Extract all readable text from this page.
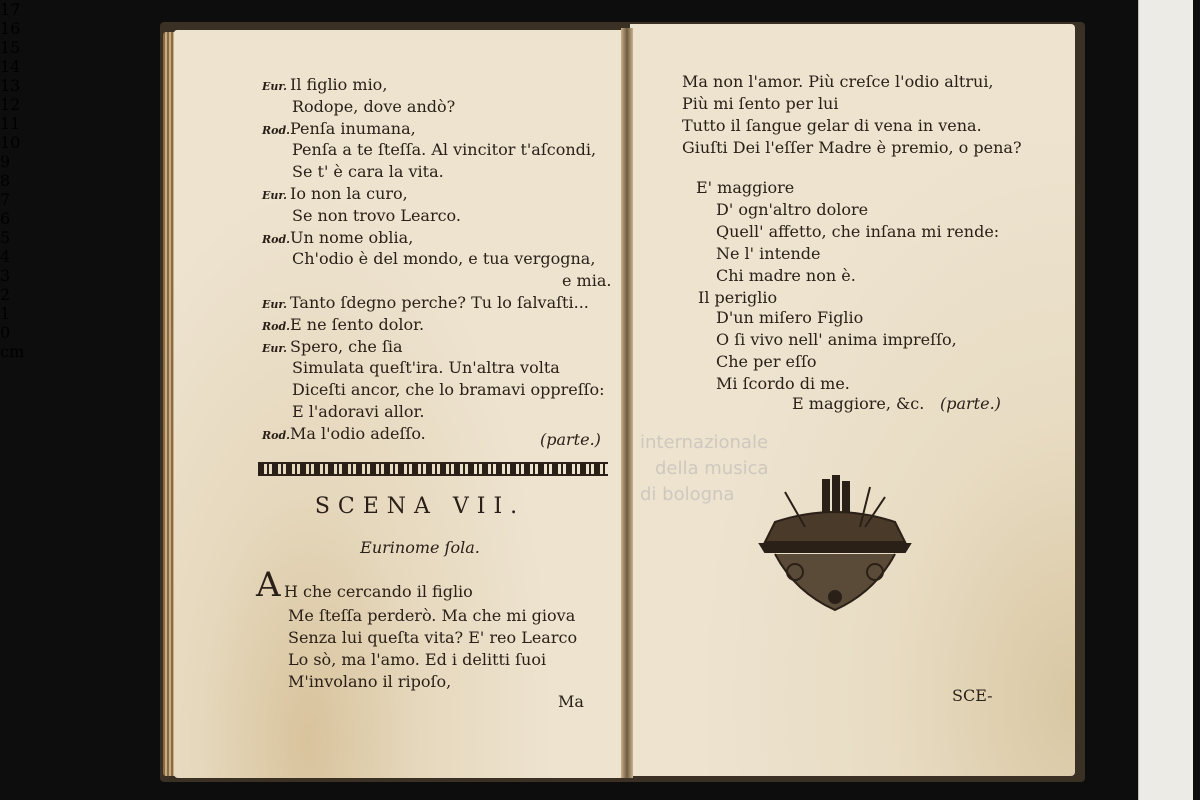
17
16
15
14
13
12
11
10
9
8
7
6
5
4
3
2
1
0 cm
internazionale
della musica
di bologna
Eur. Il figlio mio,
Rodope, dove andò?
Rod. Penſa inumana,
Penſa a te ſteſſa. Al vincitor t'aſcondi,
Se t' è cara la vita.
Eur. Io non la curo,
Se non trovo Learco.
Rod. Un nome oblia,
Ch'odio è del mondo, e tua vergogna,
e mia.
Eur. Tanto ſdegno perche? Tu lo ſalvaſti...
Rod. E ne ſento dolor.
Eur. Spero, che ſia
Simulata queſt'ira. Un'altra volta
Diceſti ancor, che lo bramavi oppreſſo:
E l'adoravi allor.
Rod. Ma l'odio adeſſo.	(parte.)
SCENA VII.
Eurinome ſola.
A H che cercando il figlio
Me ſteſſa perderò. Ma che mi giova
Senza lui queſta vita? E' reo Learco
Lo sò, ma l'amo. Ed i delitti ſuoi
M'involano il ripoſo,
Ma
Ma non l'amor. Più creſce l'odio altrui,
Più mi ſento per lui
Tutto il ſangue gelar di vena in vena.
Giuſti Dei l'eſſer Madre è premio, o pena?
E' maggiore
D' ogn'altro dolore
Quell' affetto, che inſana mi rende:
Ne l' intende
Chi madre non è.
Il periglio
D'un miſero Figlio
O ſi vivo nell' anima impreſſo,
Che per eſſo
Mi ſcordo di me.
E maggiore, &c. (parte.)
SCE-
